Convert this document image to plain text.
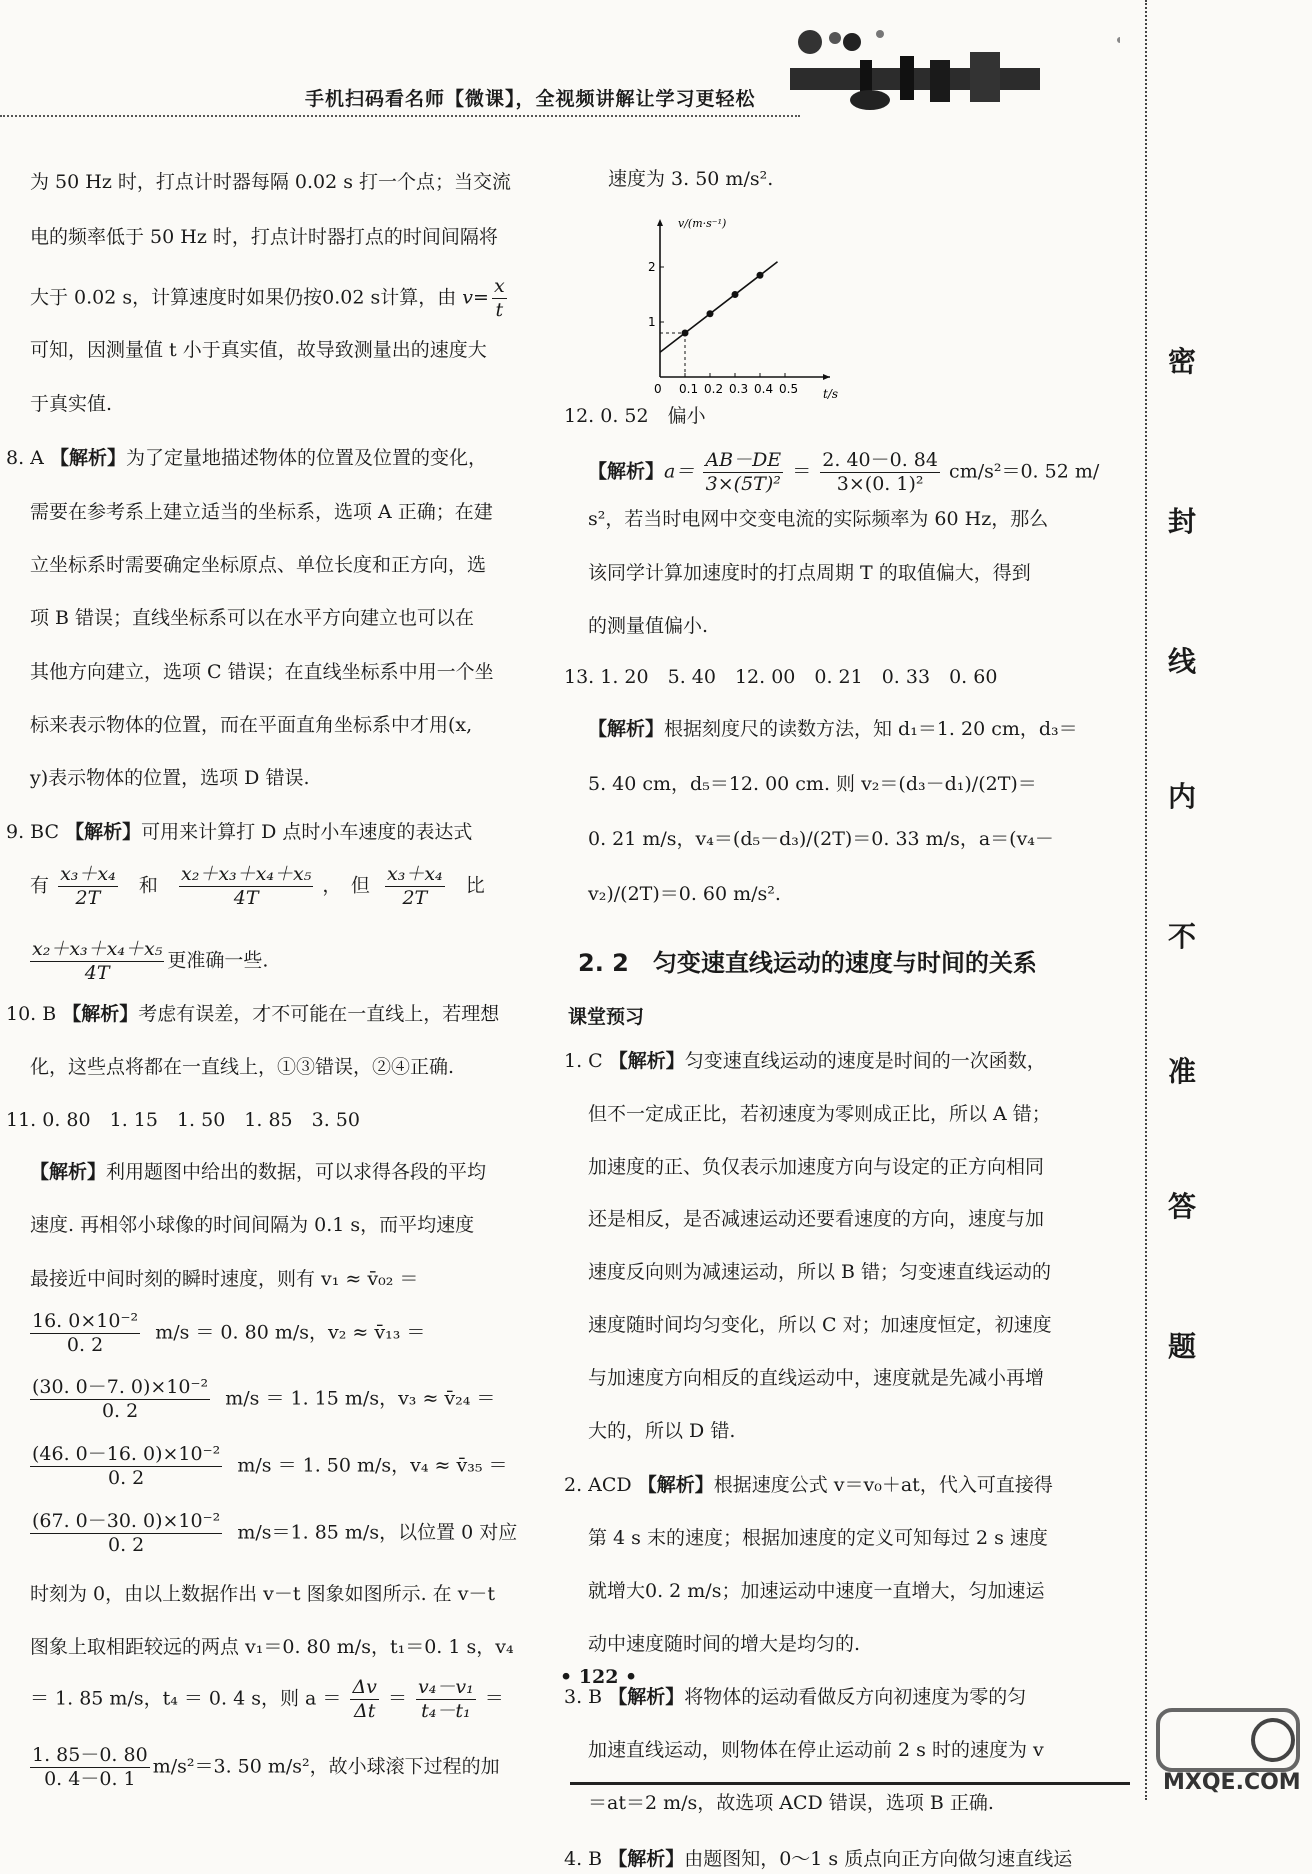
手机扫码看名师【微课】，全视频讲解让学习更轻松
密
封
线
内
不
准
答
题
为 50 Hz 时，打点计时器每隔 0.02 s 打一个点；当交流
电的频率低于 50 Hz 时，打点计时器打点的时间间隔将
大于 0.02 s，计算速度时如果仍按0.02 s计算，由 $v= \frac{x}{t}$
可知，因测量值 t 小于真实值，故导致测量出的速度大
于真实值.
8. A 【解析】为了定量地描述物体的位置及位置的变化，
需要在参考系上建立适当的坐标系，选项 A 正确；在建
立坐标系时需要确定坐标原点、单位长度和正方向，选
项 B 错误；直线坐标系可以在水平方向建立也可以在
其他方向建立，选项 C 错误；在直线坐标系中用一个坐
标来表示物体的位置，而在平面直角坐标系中才用(x,
y)表示物体的位置，选项 D 错误.
9. BC 【解析】可用来计算打 D 点时小车速度的表达式
有 $\frac{\text{x₃＋x₄}}{2T}$ 和 $\frac{\text{x₂＋x₃＋x₄＋x₅}}{4T}$ ，　但 $\frac{\text{x₃＋x₄}}{2T}$ 比
$\frac{\text{x₂＋x₃＋x₄＋x₅}}{4T}$ 更准确一些.
10. B 【解析】考虑有误差，才不可能在一直线上，若理想
化，这些点将都在一直线上，①③错误，②④正确.
11. 0. 80　1. 15　1. 50　1. 85　3. 50
【解析】利用题图中给出的数据，可以求得各段的平均
速度. 再相邻小球像的时间间隔为 0.1 s，而平均速度
最接近中间时刻的瞬时速度，则有 v₁ ≈ v̄₀₂ ＝
$\frac{\text{16. 0×10⁻²}}{0. 2} m/s = 0$. 80 m/s，v₂ ≈ v̄₁₃ ＝
$\frac{\text{(30. 0－7. 0)×10⁻²}}{0. 2} m/s = 1$. 15 m/s，v₃ ≈ v̄₂₄ ＝
$\frac{\text{(46. 0－16. 0)×10⁻²}}{0. 2} m/s = 1$. 50 m/s，v₄ ≈ v̄₃₅ ＝
$\frac{\text{(67. 0－30. 0)×10⁻²}}{0. 2} m/s=1$. 85 m/s，以位置 0 对应
时刻为 0，由以上数据作出 v－t 图象如图所示. 在 v－t
图象上取相距较远的两点 v₁＝0. 80 m/s，t₁＝0. 1 s，v₄
＝ 1. 85 m/s，t₄ ＝ 0. 4 s，则 $a = \frac{\Delta v}{\Delta t} = \frac{\text{v₄－v₁}}{\text{t₄－t₁}}$ ＝
$\frac{1. 85-0. 80}{0. 4-0. 1} m/s^2=3$. 50 m/s²，故小球滚下过程的加
速度为 3. 50 m/s².
v/(m·s⁻¹)
t/s
0 0.1 0.2 0.3 0.4 0.5
1
2
12. 0. 52　偏小
【解析】$a= \frac{AB-DE}{\text{3×(5T)²}} = \frac{2. 40-0. 84}{\text{3×(0. 1)²}} cm/s^2=0$. 52 m/
s²，若当时电网中交变电流的实际频率为 60 Hz，那么
该同学计算加速度时的打点周期 T 的取值偏大，得到
的测量值偏小.
13. 1. 20　5. 40　12. 00　0. 21　0. 33　0. 60
【解析】根据刻度尺的读数方法，知 d₁＝1. 20 cm，d₃＝
5. 40 cm，d₅＝12. 00 cm. 则 v₂＝(d₃－d₁)/(2T)＝
0. 21 m/s，v₄＝(d₅－d₃)/(2T)＝0. 33 m/s，a＝(v₄－
v₂)/(2T)＝0. 60 m/s².
2. 2　匀变速直线运动的速度与时间的关系
课堂预习
1. C 【解析】匀变速直线运动的速度是时间的一次函数，
但不一定成正比，若初速度为零则成正比，所以 A 错；
加速度的正、负仅表示加速度方向与设定的正方向相同
还是相反，是否减速运动还要看速度的方向，速度与加
速度反向则为减速运动，所以 B 错；匀变速直线运动的
速度随时间均匀变化，所以 C 对；加速度恒定，初速度
与加速度方向相反的直线运动中，速度就是先减小再增
大的，所以 D 错.
2. ACD 【解析】根据速度公式 v＝v₀＋at，代入可直接得
第 4 s 末的速度；根据加速度的定义可知每过 2 s 速度
就增大0. 2 m/s；加速运动中速度一直增大，匀加速运
动中速度随时间的增大是均匀的.
3. B 【解析】将物体的运动看做反方向初速度为零的匀
加速直线运动，则物体在停止运动前 2 s 时的速度为 v
＝at＝2 m/s，故选项 ACD 错误，选项 B 正确.
4. B 【解析】由题图知，0～1 s 质点向正方向做匀速直线运
• 122 •
MXQE.COM
